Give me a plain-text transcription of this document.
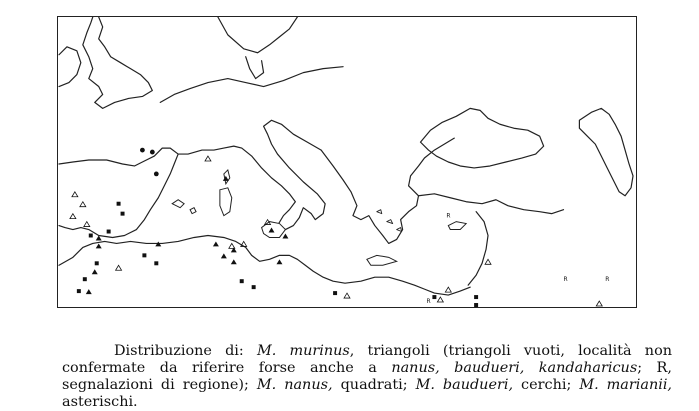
R
R	R
R

Distribuzione di: M. murinus, triangoli (triangoli vuoti, località non confermate da riferire forse anche a nanus, baudueri, kandaharicus; R, segnalazioni di regione); M. nanus, quadrati; M. baudueri, cerchi; M. marianii, asterischi.
